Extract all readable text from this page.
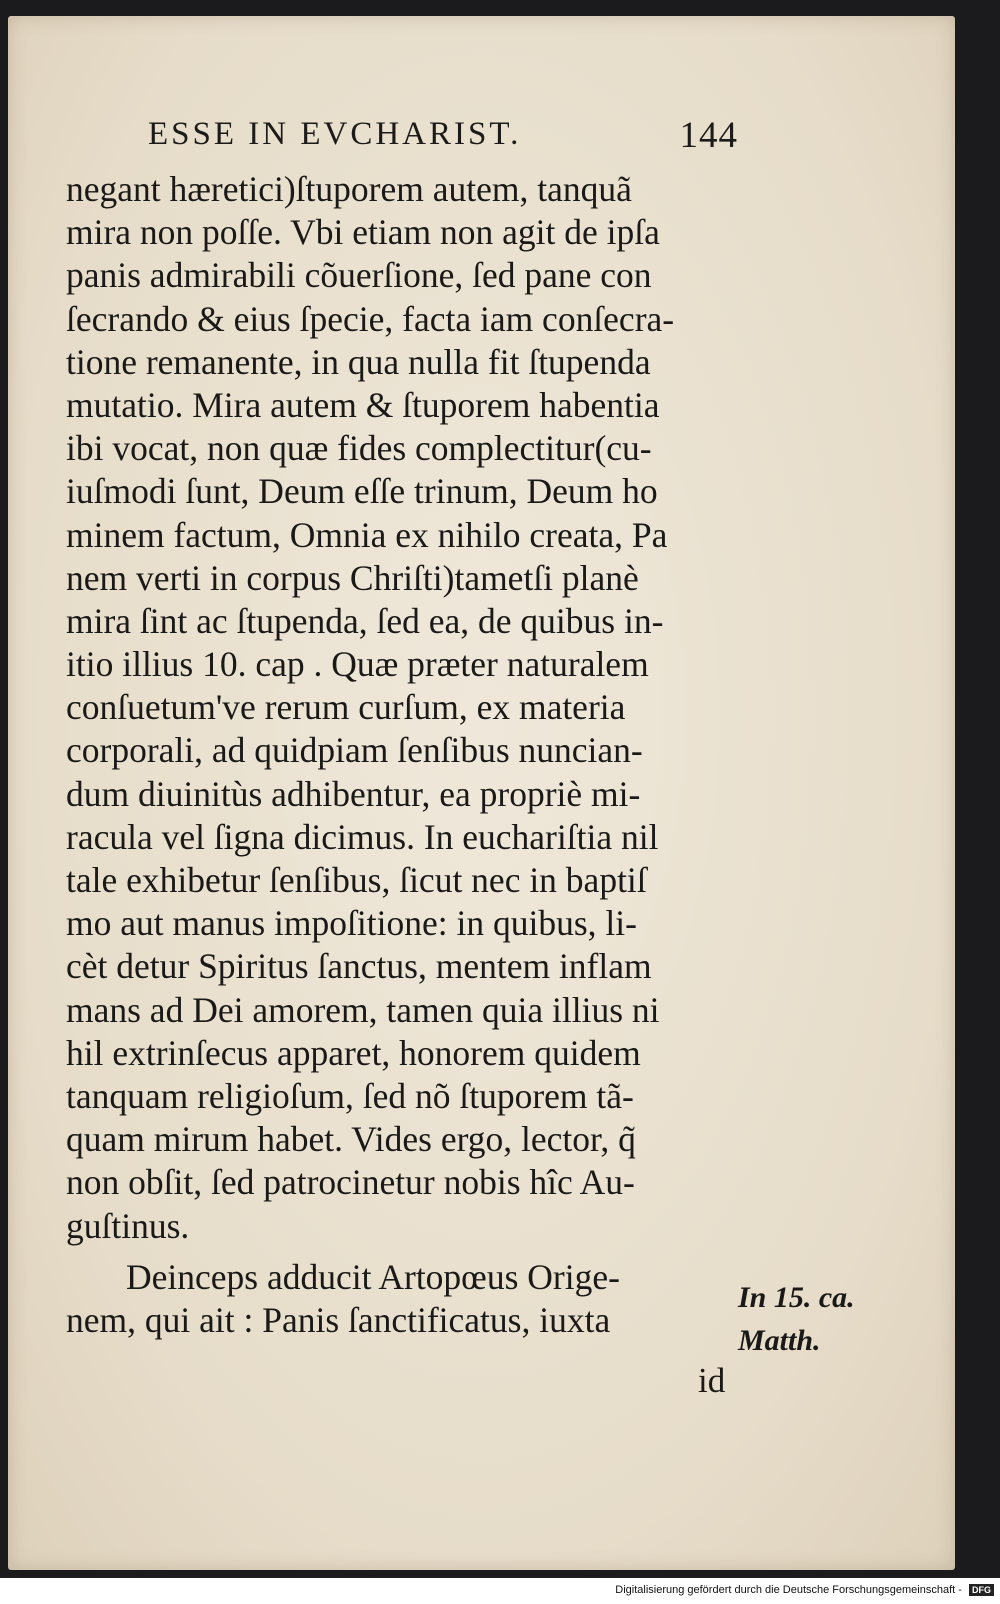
ESSE IN EVCHARIST.	144
negant hæretici)ſtuporem autem, tanquã
mira non poſſe. Vbi etiam non agit de ipſa
panis admirabili cõuerſione, ſed pane con
ſecrando & eius ſpecie, facta iam conſecra-
tione remanente, in qua nulla fit ſtupenda
mutatio. Mira autem & ſtuporem habentia
ibi vocat, non quæ fides complectitur(cu-
iuſmodi ſunt, Deum eſſe trinum, Deum ho
minem factum, Omnia ex nihilo creata, Pa
nem verti in corpus Chriſti)tametſi planè
mira ſint ac ſtupenda, ſed ea, de quibus in-
itio illius 10. cap . Quæ præter naturalem
conſuetum've rerum curſum, ex materia
corporali, ad quidpiam ſenſibus nuncian-
dum diuinitùs adhibentur, ea propriè mi-
racula vel ſigna dicimus. In euchariſtia nil
tale exhibetur ſenſibus, ſicut nec in baptiſ
mo aut manus impoſitione: in quibus, li-
cèt detur Spiritus ſanctus, mentem inflam
mans ad Dei amorem, tamen quia illius ni
hil extrinſecus apparet, honorem quidem
tanquam religioſum, ſed nõ ſtuporem tã-
quam mirum habet. Vides ergo, lector, q̃
non obſit, ſed patrocinetur nobis hîc Au-
guſtinus.
Deinceps adducit Artopœus Orige-
nem, qui ait : Panis ſanctificatus, iuxta
In 15. ca.
Matth.
id
Digitalisierung gefördert durch die Deutsche Forschungsgemeinschaft - DFG
